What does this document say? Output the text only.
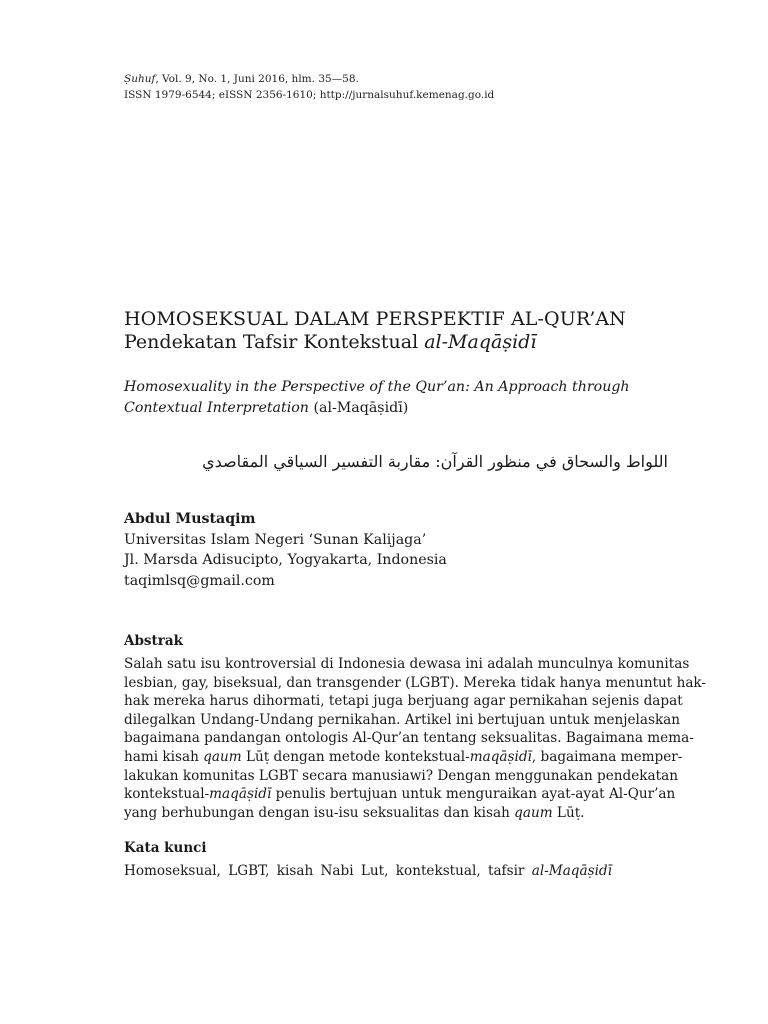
Ṣuhuf, Vol. 9, No. 1, Juni 2016, hlm. 35—58.
ISSN 1979-6544; eISSN 2356-1610; http://jurnalsuhuf.kemenag.go.id
HOMOSEKSUAL DALAM PERSPEKTIF AL-QUR’AN
Pendekatan Tafsir Kontekstual al-Maqāṣidī
Homosexuality in the Perspective of the Qur’an: An Approach through
Contextual Interpretation (al-Maqāṣidī)
اللواط والسحاق في منظور القرآن: مقاربة التفسير السياقي المقاصدي
Abdul Mustaqim
Universitas Islam Negeri ‘Sunan Kalijaga’
Jl. Marsda Adisucipto, Yogyakarta, Indonesia
taqimlsq@gmail.com
Abstrak
Salah satu isu kontroversial di Indonesia dewasa ini adalah munculnya komunitas
lesbian, gay, biseksual, dan transgender (LGBT). Mereka tidak hanya menuntut hak-
hak mereka harus dihormati, tetapi juga berjuang agar pernikahan sejenis dapat
dilegalkan Undang-Undang pernikahan. Artikel ini bertujuan untuk menjelaskan
bagaimana pandangan ontologis Al-Qur’an tentang seksualitas. Bagaimana mema-
hami kisah qaum Lūṭ dengan metode kontekstual-maqāṣidī, bagaimana memper-
lakukan komunitas LGBT secara manusiawi? Dengan menggunakan pendekatan
kontekstual-maqāṣidī penulis bertujuan untuk menguraikan ayat-ayat Al-Qur’an
yang berhubungan dengan isu-isu seksualitas dan kisah qaum Lūṭ.
Kata kunci
Homoseksual, LGBT, kisah Nabi Lut, kontekstual, tafsir al-Maqāṣidī
